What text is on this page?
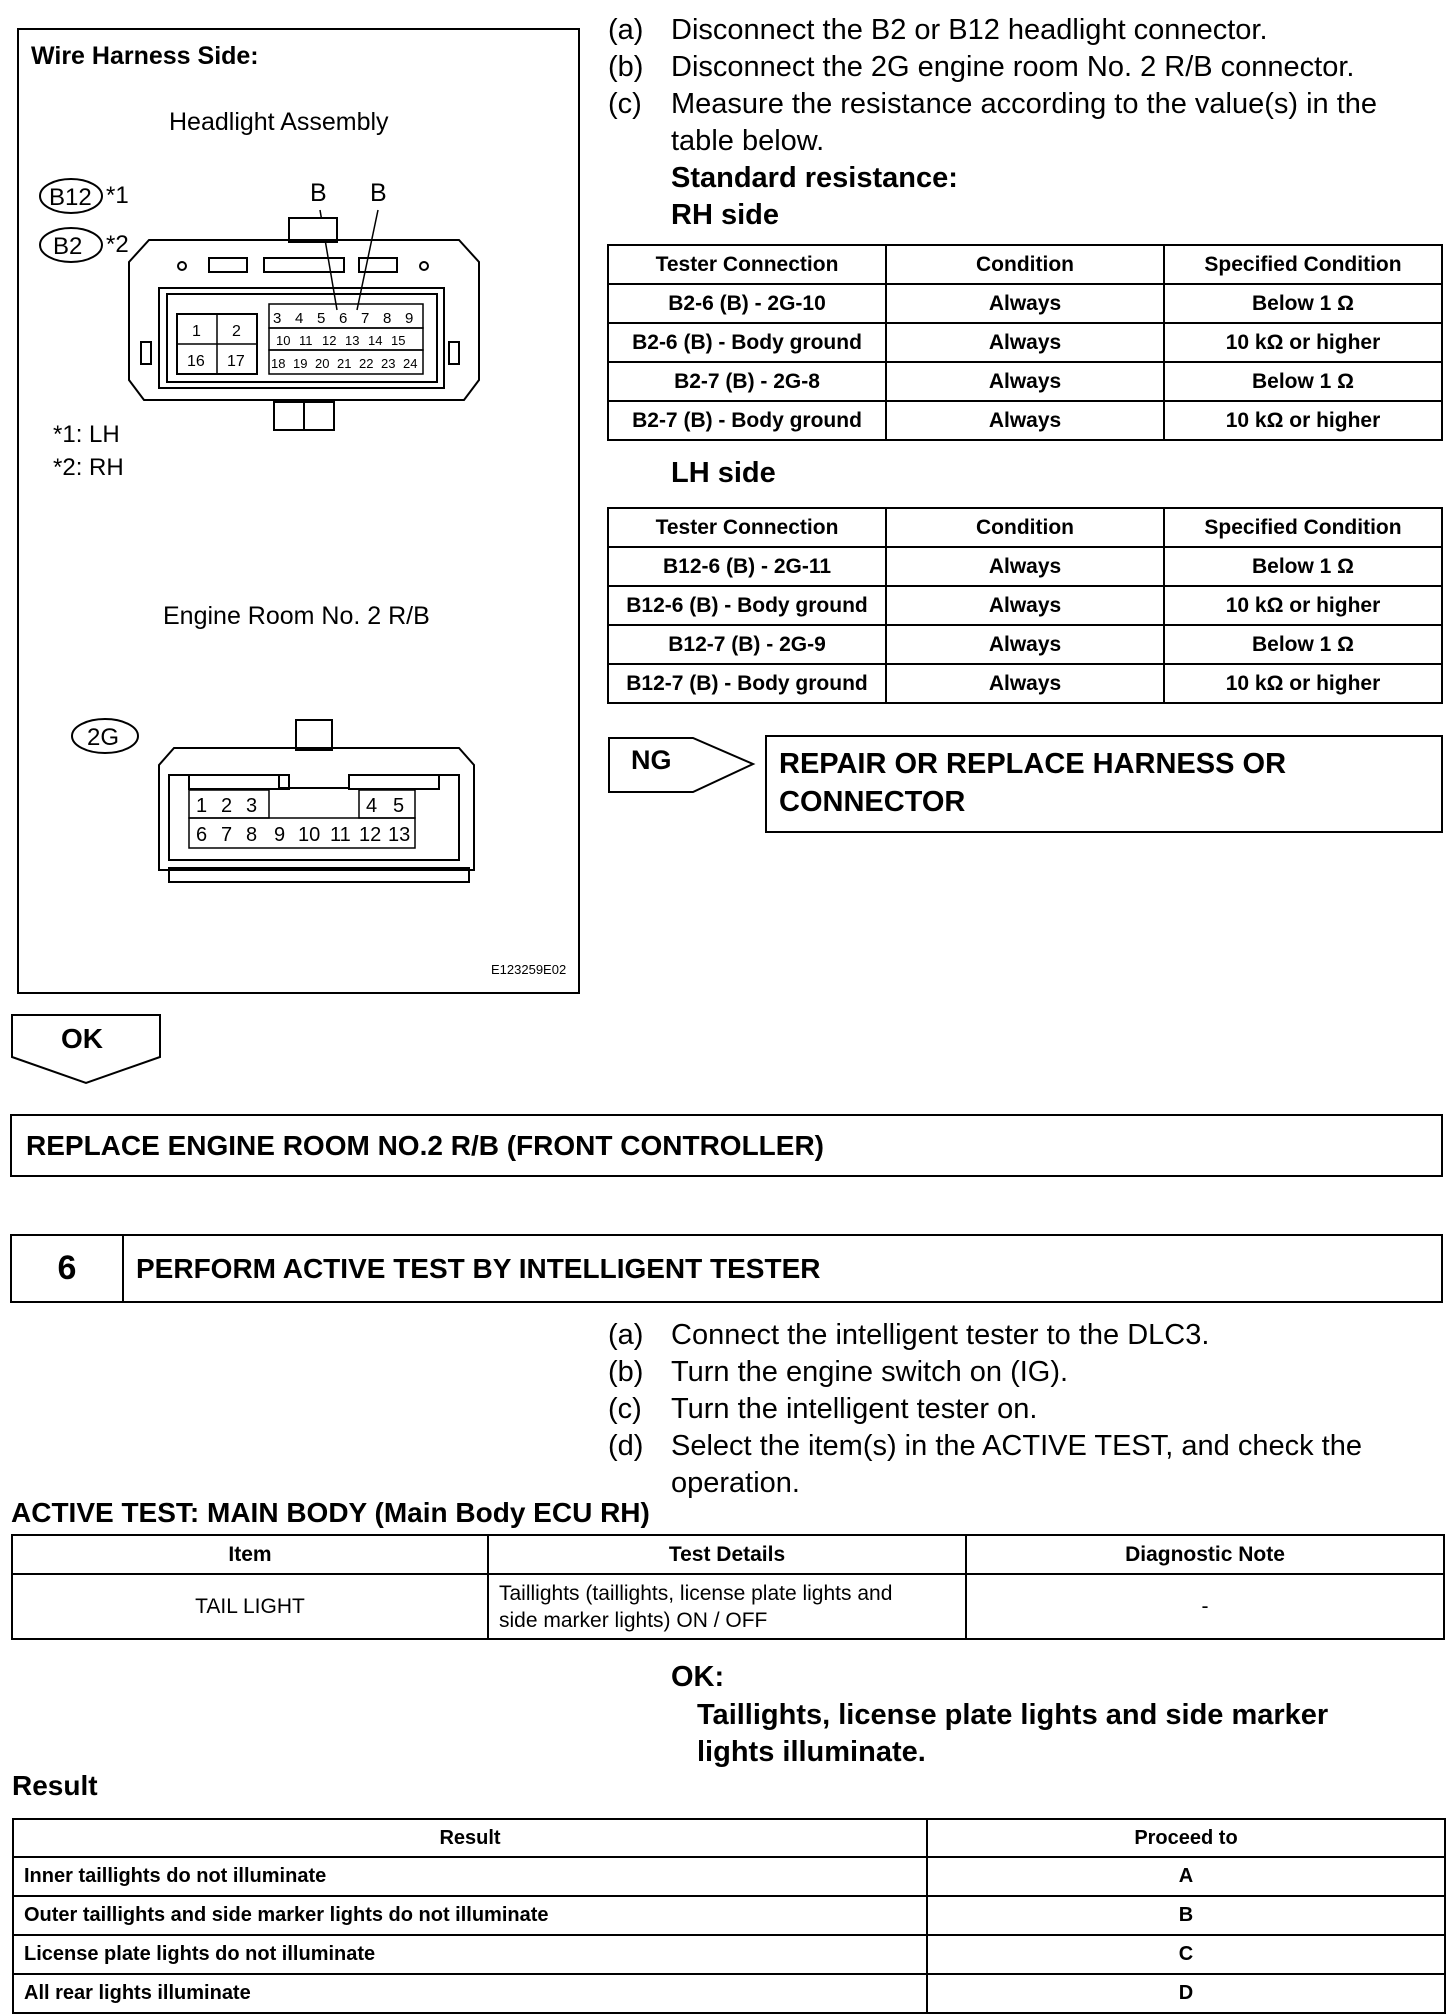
Wire Harness Side:
Headlight Assembly
B12 *1
B2 *2
B B
1 2
16 17
3 4 5 6 7 8 9
10 11 12 13 14 15
18 19 20 21 22 23 24
*1: LH
*2: RH
Engine Room No. 2 R/B
2G
1 2 3	4 5
6 7 8 9 10 11 12 13
E123259E02
(a) Disconnect the B2 or B12 headlight connector.
(b) Disconnect the 2G engine room No. 2 R/B connector.
(c)	Measure the resistance according to the value(s) in the table below.
Standard resistance:
RH side
Tester Connection	Condition	Specified Condition
B2-6 (B) - 2G-10	Always	Below 1 Ω
B2-6 (B) - Body ground	Always	10 kΩ or higher
B2-7 (B) - 2G-8	Always	Below 1 Ω
B2-7 (B) - Body ground	Always	10 kΩ or higher
LH side
Tester Connection	Condition	Specified Condition
B12-6 (B) - 2G-11	Always	Below 1 Ω
B12-6 (B) - Body ground	Always	10 kΩ or higher
B12-7 (B) - 2G-9	Always	Below 1 Ω
B12-7 (B) - Body ground	Always	10 kΩ or higher
NG	REPAIR OR REPLACE HARNESS OR
CONNECTOR
OK
REPLACE ENGINE ROOM NO.2 R/B (FRONT CONTROLLER)
6	PERFORM ACTIVE TEST BY INTELLIGENT TESTER
(a) Connect the intelligent tester to the DLC3.
(b) Turn the engine switch on (IG).
(c)	Turn the intelligent tester on.
(d) Select the item(s) in the ACTIVE TEST, and check the operation.
ACTIVE TEST: MAIN BODY (Main Body ECU RH)
Item	Test Details	Diagnostic Note
TAIL LIGHT	Taillights (taillights, license plate lights and
side marker lights) ON / OFF	-
OK:
Taillights, license plate lights and side marker
lights illuminate.
Result
Result	Proceed to
Inner taillights do not illuminate	A
Outer taillights and side marker lights do not illuminate	B
License plate lights do not illuminate	C
All rear lights illuminate	D
